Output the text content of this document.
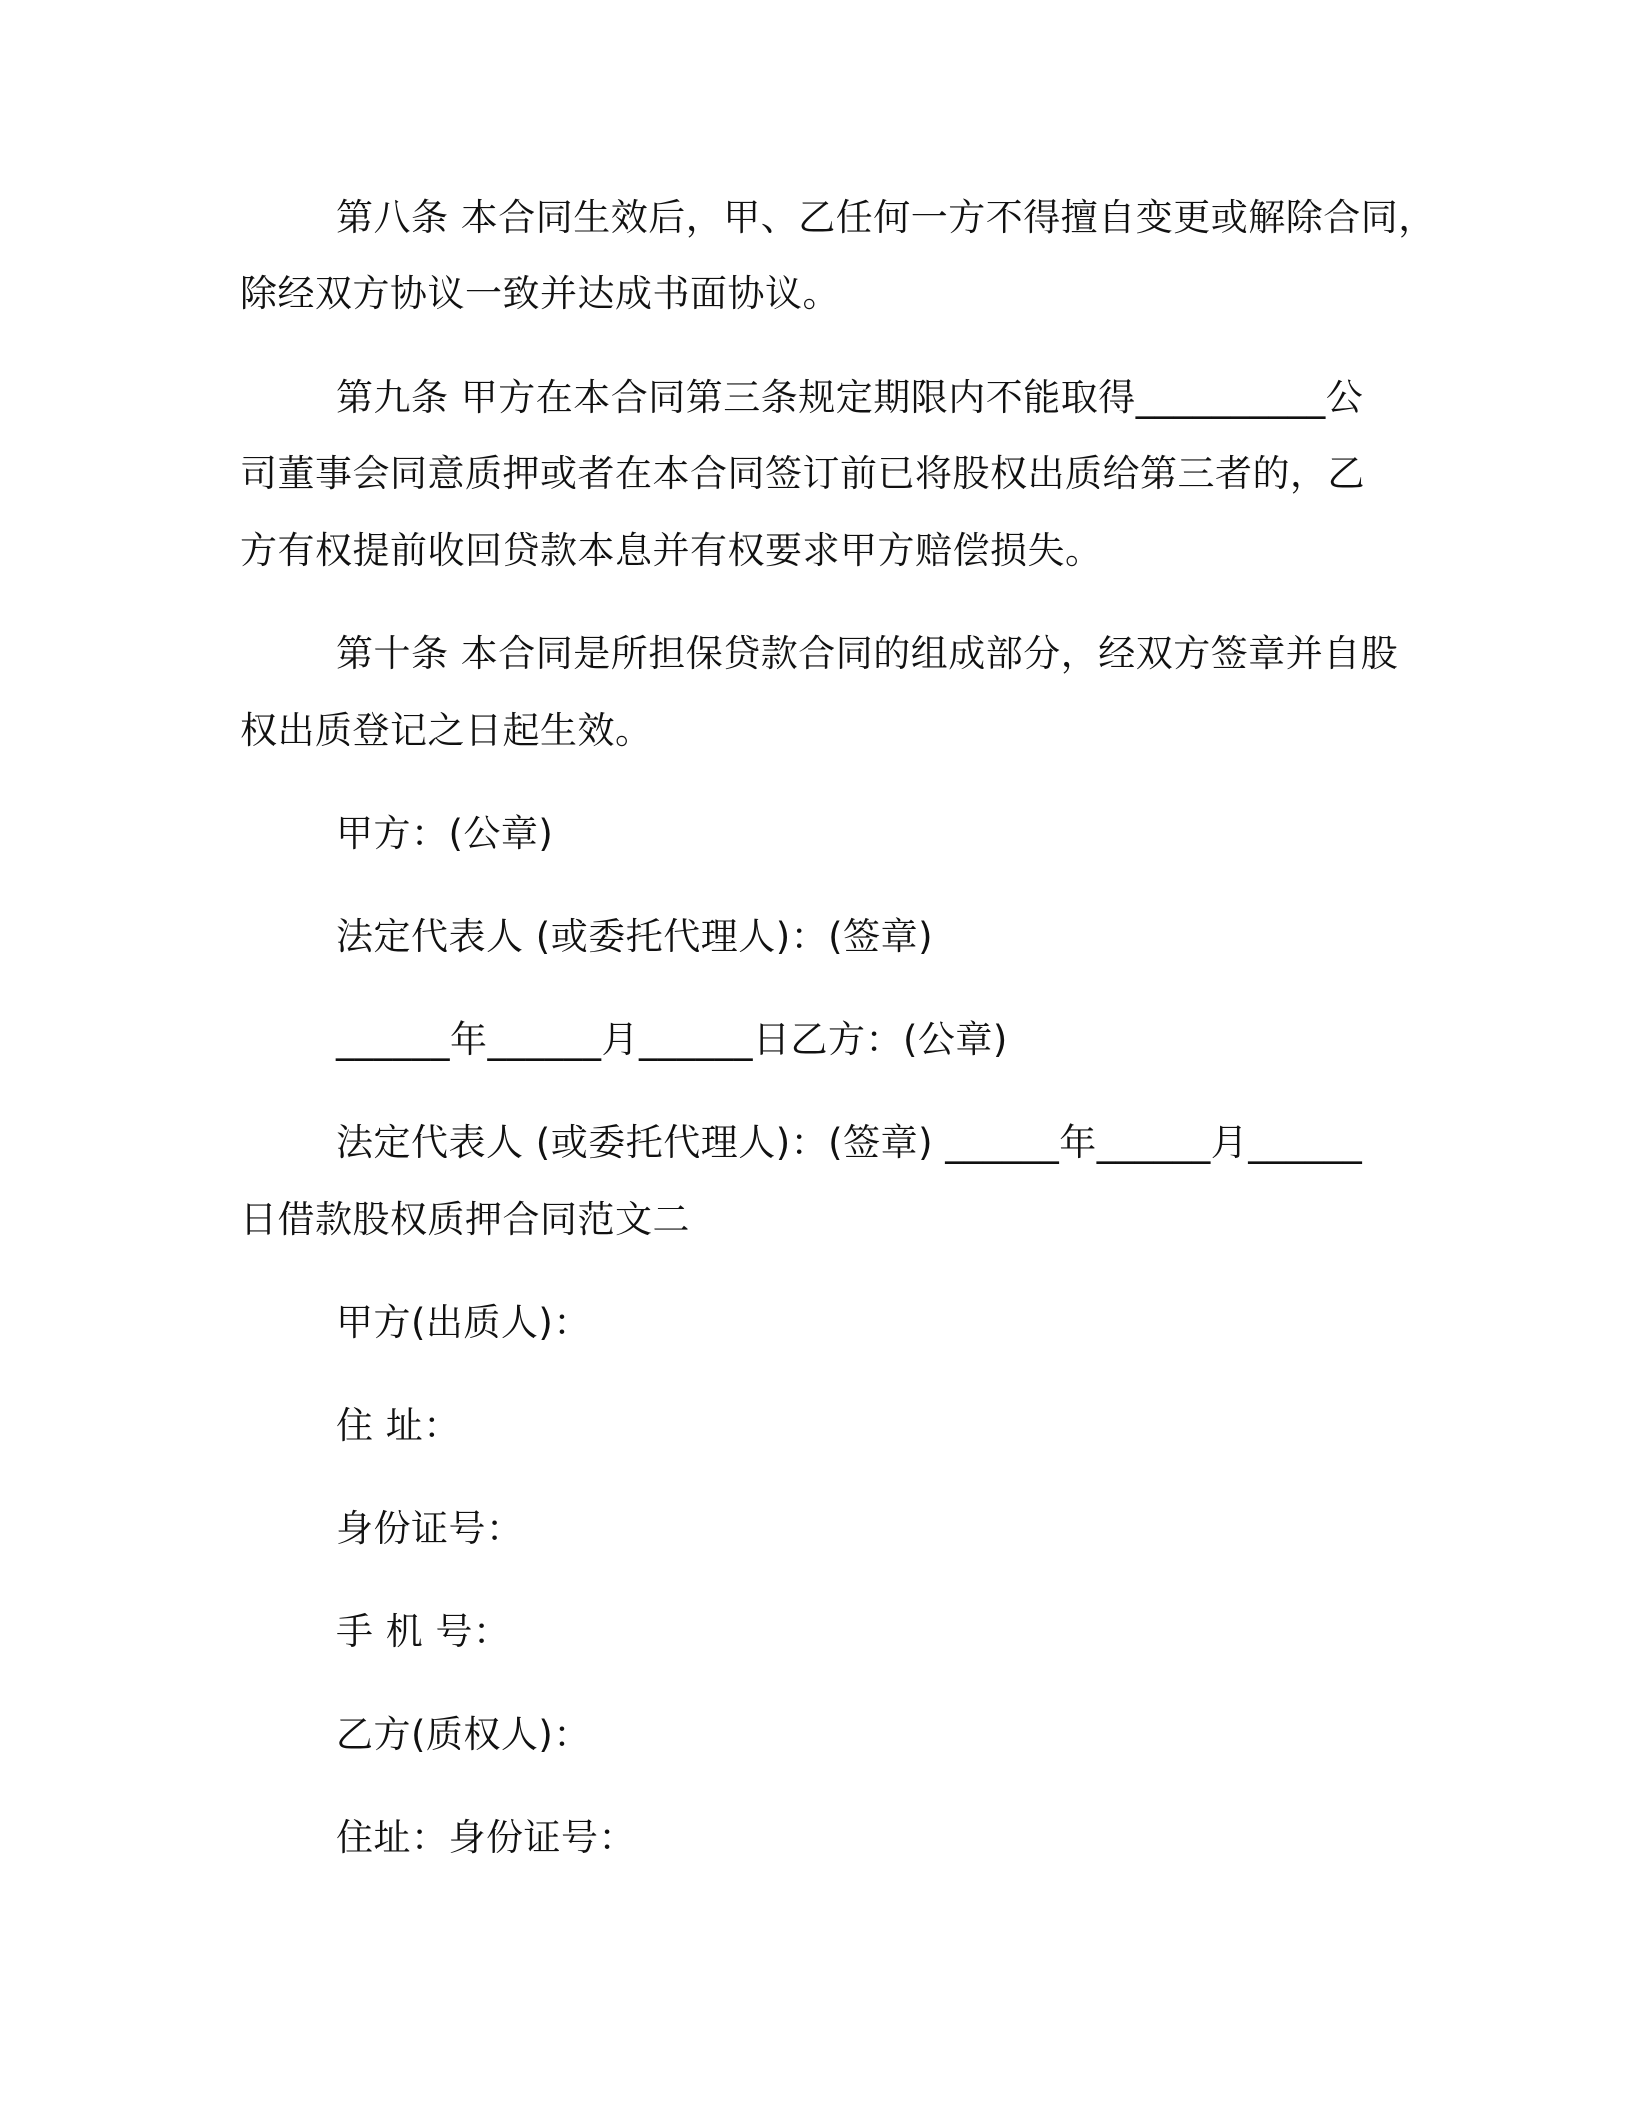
第八条 本合同生效后，甲、乙任何一方不得擅自变更或解除合同，
除经双方协议一致并达成书面协议。
第九条 甲方在本合同第三条规定期限内不能取得__________公
司董事会同意质押或者在本合同签订前已将股权出质给第三者的，乙
方有权提前收回贷款本息并有权要求甲方赔偿损失。
第十条 本合同是所担保贷款合同的组成部分，经双方签章并自股
权出质登记之日起生效。
甲方：(公章)
法定代表人 (或委托代理人)：(签章)
______年______月______日乙方：(公章)
法定代表人 (或委托代理人)：(签章) ______年______月______
日借款股权质押合同范文二
甲方(出质人)：
住 址：
身份证号：
手 机 号：
乙方(质权人)：
住址：身份证号：
